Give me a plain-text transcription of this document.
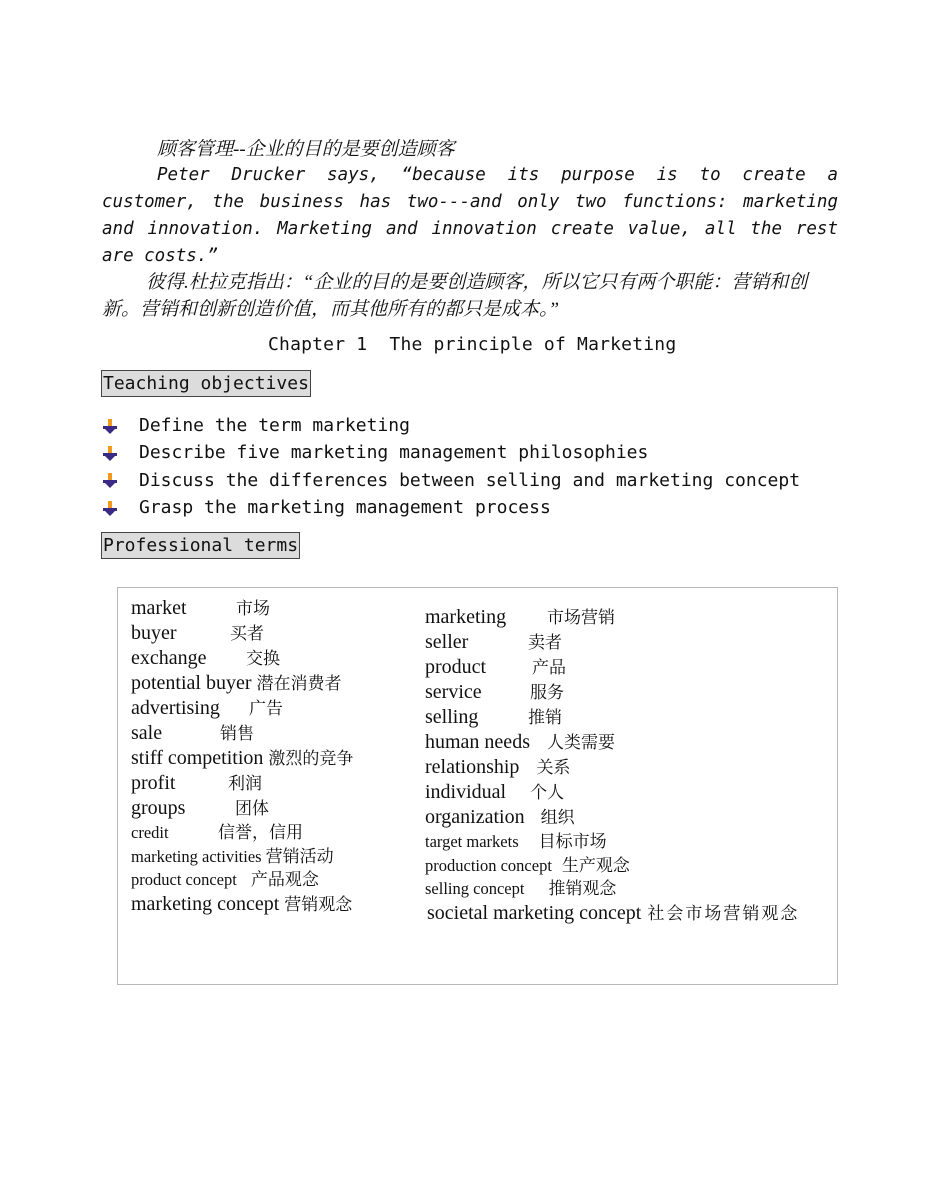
顾客管理--企业的目的是要创造顾客
Peter Drucker says, “because its purpose is to create a customer, the business has two---and only two functions: marketing and innovation. Marketing and innovation create value, all the rest are costs.”
彼得.杜拉克指出：“企业的目的是要创造顾客，所以它只有两个职能：营销和创新。营销和创新创造价值，而其他所有的都只是成本。”
Chapter 1  The principle of Marketing
Teaching objectives
Define the term marketing
Describe five marketing management philosophies
Discuss the differences between selling and marketing concept
Grasp the marketing management process
Professional terms
market	市场
buyer	买者
exchange 交换
potential buyer 潜在消费者
advertising 广告
sale	销售
stiff competition 激烈的竞争
profit	利润
groups	团体
credit	信誉，信用
marketing activities 营销活动
product concept 产品观念
marketing concept 营销观念
marketing 市场营销
seller	卖者
product	产品
service	服务
selling	推销
human needs 人类需要
relationship 关系
individual 个人
organization 组织
target markets 目标市场
production concept 生产观念
selling concept 推销观念
societal marketing concept 社会市场营销观念
